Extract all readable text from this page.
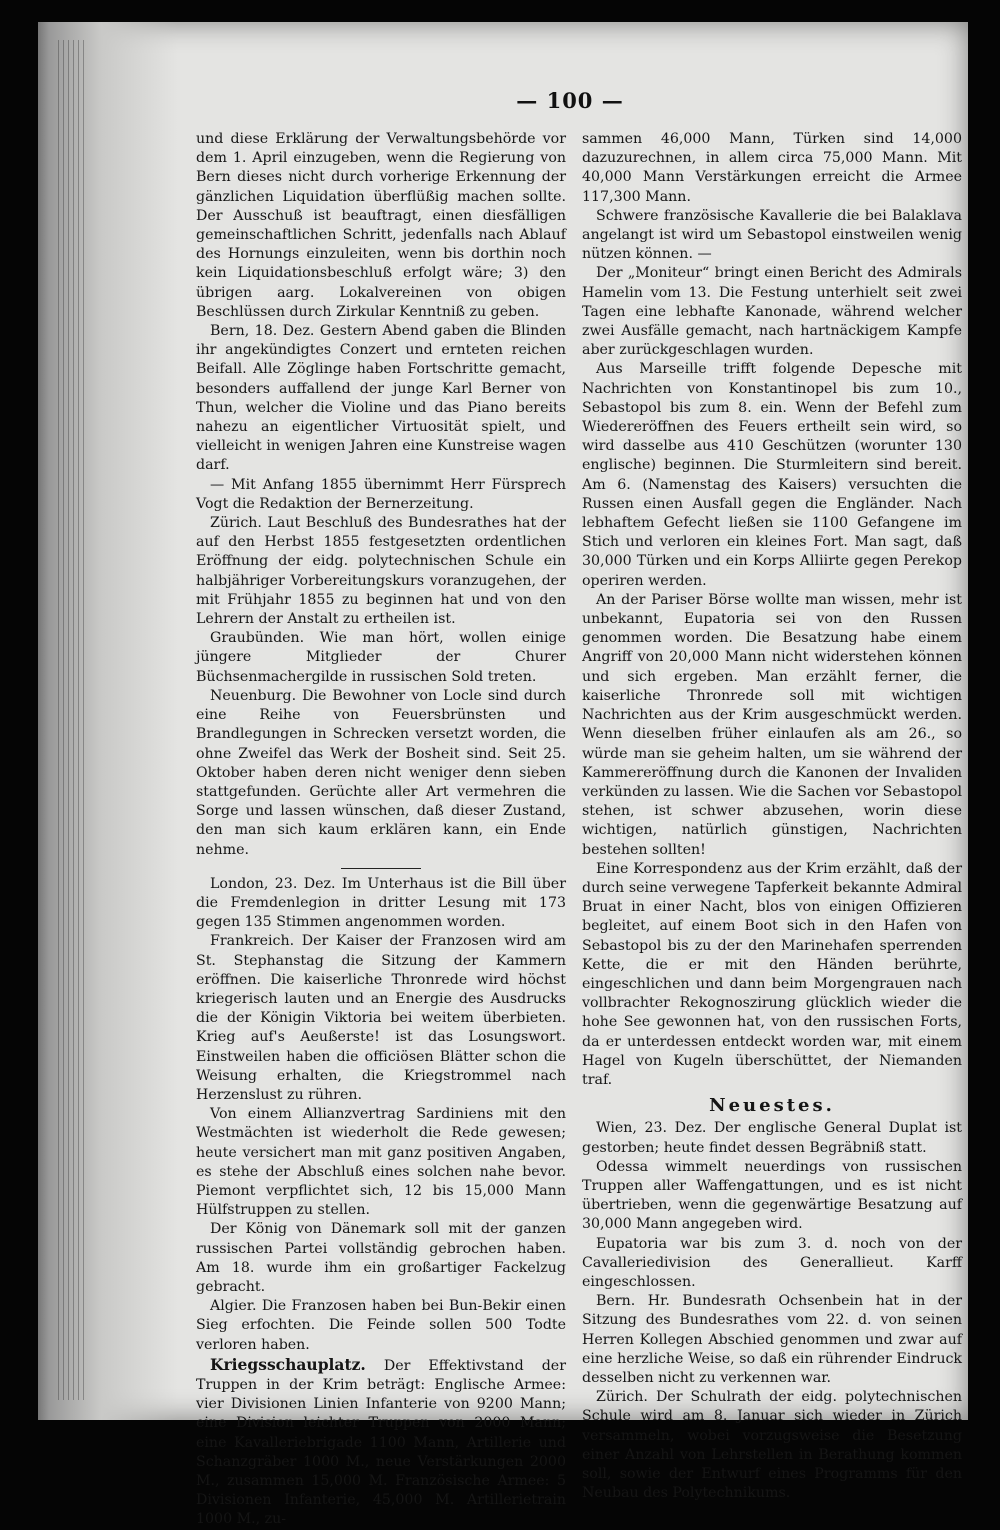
— 100 —

und diese Erklärung der Verwaltungsbehörde vor dem 1. April einzugeben, wenn die Regierung von Bern dieses nicht durch vorherige Erkennung der gänzlichen Liquidation überflüßig machen sollte. Der Ausschuß ist beauftragt, einen diesfälligen gemeinschaftlichen Schritt, jedenfalls nach Ablauf des Hornungs einzuleiten, wenn bis dorthin noch kein Liquidationsbeschluß erfolgt wäre; 3) den übrigen aarg. Lokalvereinen von obigen Beschlüssen durch Zirkular Kenntniß zu geben.

Bern, 18. Dez. Gestern Abend gaben die Blinden ihr angekündigtes Conzert und ernteten reichen Beifall. Alle Zöglinge haben Fortschritte gemacht, besonders auffallend der junge Karl Berner von Thun, welcher die Violine und das Piano bereits nahezu an eigentlicher Virtuosität spielt, und vielleicht in wenigen Jahren eine Kunstreise wagen darf.

— Mit Anfang 1855 übernimmt Herr Fürsprech Vogt die Redaktion der Bernerzeitung.

Zürich. Laut Beschluß des Bundesrathes hat der auf den Herbst 1855 festgesetzten ordentlichen Eröffnung der eidg. polytechnischen Schule ein halbjähriger Vorbereitungskurs voranzugehen, der mit Frühjahr 1855 zu beginnen hat und von den Lehrern der Anstalt zu ertheilen ist.

Graubünden. Wie man hört, wollen einige jüngere Mitglieder der Churer Büchsenmachergilde in russischen Sold treten.

Neuenburg. Die Bewohner von Locle sind durch eine Reihe von Feuersbrünsten und Brandlegungen in Schrecken versetzt worden, die ohne Zweifel das Werk der Bosheit sind. Seit 25. Oktober haben deren nicht weniger denn sieben stattgefunden. Gerüchte aller Art vermehren die Sorge und lassen wünschen, daß dieser Zustand, den man sich kaum erklären kann, ein Ende nehme.

London, 23. Dez. Im Unterhaus ist die Bill über die Fremdenlegion in dritter Lesung mit 173 gegen 135 Stimmen angenommen worden.

Frankreich. Der Kaiser der Franzosen wird am St. Stephanstag die Sitzung der Kammern eröffnen. Die kaiserliche Thronrede wird höchst kriegerisch lauten und an Energie des Ausdrucks die der Königin Viktoria bei weitem überbieten. Krieg auf's Aeußerste! ist das Losungswort. Einstweilen haben die officiösen Blätter schon die Weisung erhalten, die Kriegstrommel nach Herzenslust zu rühren.

Von einem Allianzvertrag Sardiniens mit den Westmächten ist wiederholt die Rede gewesen; heute versichert man mit ganz positiven Angaben, es stehe der Abschluß eines solchen nahe bevor. Piemont verpflichtet sich, 12 bis 15,000 Mann Hülfstruppen zu stellen.

Der König von Dänemark soll mit der ganzen russischen Partei vollständig gebrochen haben. Am 18. wurde ihm ein großartiger Fackelzug gebracht.

Algier. Die Franzosen haben bei Bun-Bekir einen Sieg erfochten. Die Feinde sollen 500 Todte verloren haben.

Kriegsschauplatz. Der Effektivstand der Truppen in der Krim beträgt: Englische Armee: vier Divisionen Linien Infanterie von 9200 Mann; eine Division leichter Truppen von 2000 Mann; eine Kavalleriebrigade 1100 Mann, Artillerie und Schanzgräber 1000 M., neue Verstärkungen 2000 M., zusammen 15,000 M. Französische Armee: 5 Divisionen Infanterie, 45,000 M. Artillerietrain 1000 M., zu-

sammen 46,000 Mann, Türken sind 14,000 dazuzurechnen, in allem circa 75,000 Mann. Mit 40,000 Mann Verstärkungen erreicht die Armee 117,300 Mann.

Schwere französische Kavallerie die bei Balaklava angelangt ist wird um Sebastopol einstweilen wenig nützen können. —

Der „Moniteur“ bringt einen Bericht des Admirals Hamelin vom 13. Die Festung unterhielt seit zwei Tagen eine lebhafte Kanonade, während welcher zwei Ausfälle gemacht, nach hartnäckigem Kampfe aber zurückgeschlagen wurden.

Aus Marseille trifft folgende Depesche mit Nachrichten von Konstantinopel bis zum 10., Sebastopol bis zum 8. ein. Wenn der Befehl zum Wiedereröffnen des Feuers ertheilt sein wird, so wird dasselbe aus 410 Geschützen (worunter 130 englische) beginnen. Die Sturmleitern sind bereit. Am 6. (Namenstag des Kaisers) versuchten die Russen einen Ausfall gegen die Engländer. Nach lebhaftem Gefecht ließen sie 1100 Gefangene im Stich und verloren ein kleines Fort. Man sagt, daß 30,000 Türken und ein Korps Alliirte gegen Perekop operiren werden.

An der Pariser Börse wollte man wissen, mehr ist unbekannt, Eupatoria sei von den Russen genommen worden. Die Besatzung habe einem Angriff von 20,000 Mann nicht widerstehen können und sich ergeben. Man erzählt ferner, die kaiserliche Thronrede soll mit wichtigen Nachrichten aus der Krim ausgeschmückt werden. Wenn dieselben früher einlaufen als am 26., so würde man sie geheim halten, um sie während der Kammereröffnung durch die Kanonen der Invaliden verkünden zu lassen. Wie die Sachen vor Sebastopol stehen, ist schwer abzusehen, worin diese wichtigen, natürlich günstigen, Nachrichten bestehen sollten!

Eine Korrespondenz aus der Krim erzählt, daß der durch seine verwegene Tapferkeit bekannte Admiral Bruat in einer Nacht, blos von einigen Offizieren begleitet, auf einem Boot sich in den Hafen von Sebastopol bis zu der den Marinehafen sperrenden Kette, die er mit den Händen berührte, eingeschlichen und dann beim Morgengrauen nach vollbrachter Rekognoszirung glücklich wieder die hohe See gewonnen hat, von den russischen Forts, da er unterdessen entdeckt worden war, mit einem Hagel von Kugeln überschüttet, der Niemanden traf.

Neuestes.

Wien, 23. Dez. Der englische General Duplat ist gestorben; heute findet dessen Begräbniß statt.

Odessa wimmelt neuerdings von russischen Truppen aller Waffengattungen, und es ist nicht übertrieben, wenn die gegenwärtige Besatzung auf 30,000 Mann angegeben wird.

Eupatoria war bis zum 3. d. noch von der Cavalleriedivision des Generallieut. Karff eingeschlossen.

Bern. Hr. Bundesrath Ochsenbein hat in der Sitzung des Bundesrathes vom 22. d. von seinen Herren Kollegen Abschied genommen und zwar auf eine herzliche Weise, so daß ein rührender Eindruck desselben nicht zu verkennen war.

Zürich. Der Schulrath der eidg. polytechnischen Schule wird am 8. Januar sich wieder in Zürich versammeln, wobei vorzugsweise die Besetzung einer Anzahl von Lehrstellen in Berathung kommen soll, sowie der Entwurf eines Programms für den Neubau des Polytechnikums.
